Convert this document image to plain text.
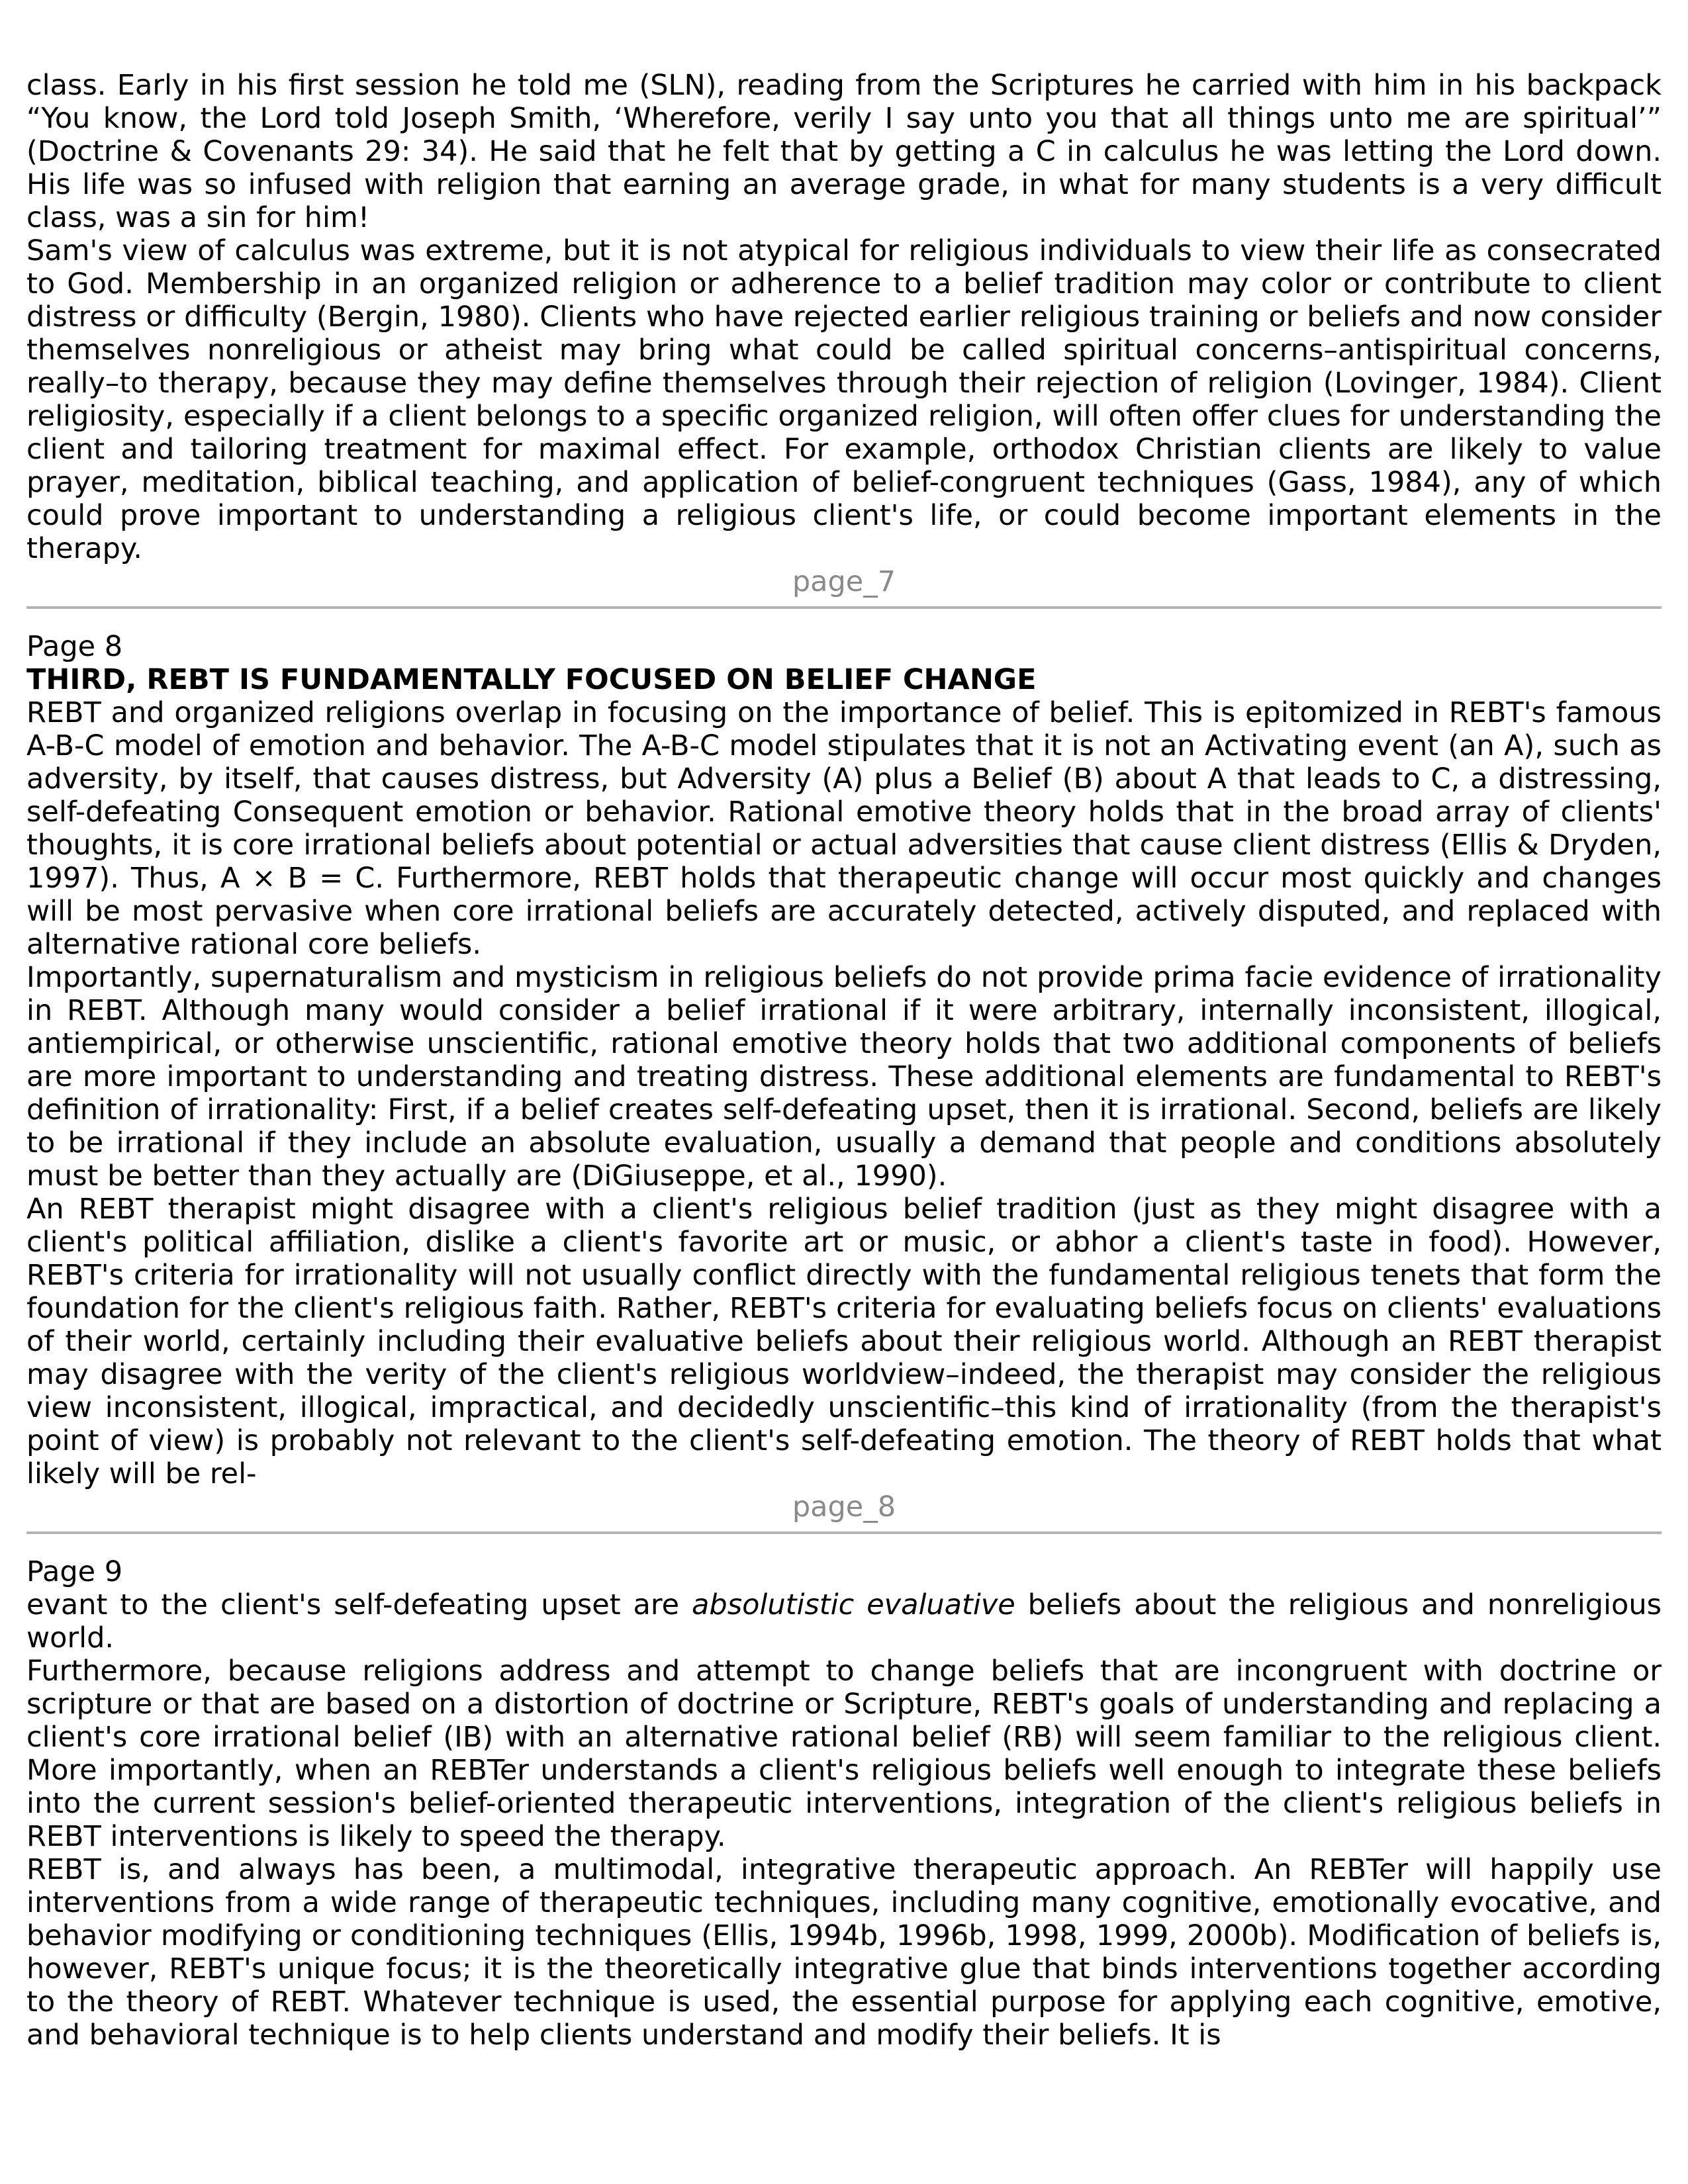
class. Early in his first session he told me (SLN), reading from the Scriptures he carried with him in his backpack “You know, the Lord told Joseph Smith, ‘Wherefore, verily I say unto you that all things unto me are spiritual’” (Doctrine & Covenants 29: 34). He said that he felt that by getting a C in calculus he was letting the Lord down. His life was so infused with religion that earning an average grade, in what for many students is a very difficult class, was a sin for him!

Sam's view of calculus was extreme, but it is not atypical for religious individuals to view their life as consecrated to God. Membership in an organized religion or adherence to a belief tradition may color or contribute to client distress or difficulty (Bergin, 1980). Clients who have rejected earlier religious training or beliefs and now consider themselves nonreligious or atheist may bring what could be called spiritual concerns–antispiritual concerns, really–to therapy, because they may define themselves through their rejection of religion (Lovinger, 1984). Client religiosity, especially if a client belongs to a specific organized religion, will often offer clues for understanding the client and tailoring treatment for maximal effect. For example, orthodox Christian clients are likely to value prayer, meditation, biblical teaching, and application of belief-congruent techniques (Gass, 1984), any of which could prove important to understanding a religious client's life, or could become important elements in the therapy.

page_7

Page 8

THIRD, REBT IS FUNDAMENTALLY FOCUSED ON BELIEF CHANGE

REBT and organized religions overlap in focusing on the importance of belief. This is epitomized in REBT's famous A-B-C model of emotion and behavior. The A-B-C model stipulates that it is not an Activating event (an A), such as adversity, by itself, that causes distress, but Adversity (A) plus a Belief (B) about A that leads to C, a distressing, self-defeating Consequent emotion or behavior. Rational emotive theory holds that in the broad array of clients' thoughts, it is core irrational beliefs about potential or actual adversities that cause client distress (Ellis & Dryden, 1997). Thus, A × B = C. Furthermore, REBT holds that therapeutic change will occur most quickly and changes will be most pervasive when core irrational beliefs are accurately detected, actively disputed, and replaced with alternative rational core beliefs.

Importantly, supernaturalism and mysticism in religious beliefs do not provide prima facie evidence of irrationality in REBT. Although many would consider a belief irrational if it were arbitrary, internally inconsistent, illogical, antiempirical, or otherwise unscientific, rational emotive theory holds that two additional components of beliefs are more important to understanding and treating distress. These additional elements are fundamental to REBT's definition of irrationality: First, if a belief creates self-defeating upset, then it is irrational. Second, beliefs are likely to be irrational if they include an absolute evaluation, usually a demand that people and conditions absolutely must be better than they actually are (DiGiuseppe, et al., 1990).

An REBT therapist might disagree with a client's religious belief tradition (just as they might disagree with a client's political affiliation, dislike a client's favorite art or music, or abhor a client's taste in food). However, REBT's criteria for irrationality will not usually conflict directly with the fundamental religious tenets that form the foundation for the client's religious faith. Rather, REBT's criteria for evaluating beliefs focus on clients' evaluations of their world, certainly including their evaluative beliefs about their religious world. Although an REBT therapist may disagree with the verity of the client's religious worldview–indeed, the therapist may consider the religious view inconsistent, illogical, impractical, and decidedly unscientific–this kind of irrationality (from the therapist's point of view) is probably not relevant to the client's self-defeating emotion. The theory of REBT holds that what likely will be rel-

page_8

Page 9

evant to the client's self-defeating upset are absolutistic evaluative beliefs about the religious and nonreligious world.

Furthermore, because religions address and attempt to change beliefs that are incongruent with doctrine or scripture or that are based on a distortion of doctrine or Scripture, REBT's goals of understanding and replacing a client's core irrational belief (IB) with an alternative rational belief (RB) will seem familiar to the religious client. More importantly, when an REBTer understands a client's religious beliefs well enough to integrate these beliefs into the current session's belief-oriented therapeutic interventions, integration of the client's religious beliefs in REBT interventions is likely to speed the therapy.

REBT is, and always has been, a multimodal, integrative therapeutic approach. An REBTer will happily use interventions from a wide range of therapeutic techniques, including many cognitive, emotionally evocative, and behavior modifying or conditioning techniques (Ellis, 1994b, 1996b, 1998, 1999, 2000b). Modification of beliefs is, however, REBT's unique focus; it is the theoretically integrative glue that binds interventions together according to the theory of REBT. Whatever technique is used, the essential purpose for applying each cognitive, emotive, and behavioral technique is to help clients understand and modify their beliefs. It is
